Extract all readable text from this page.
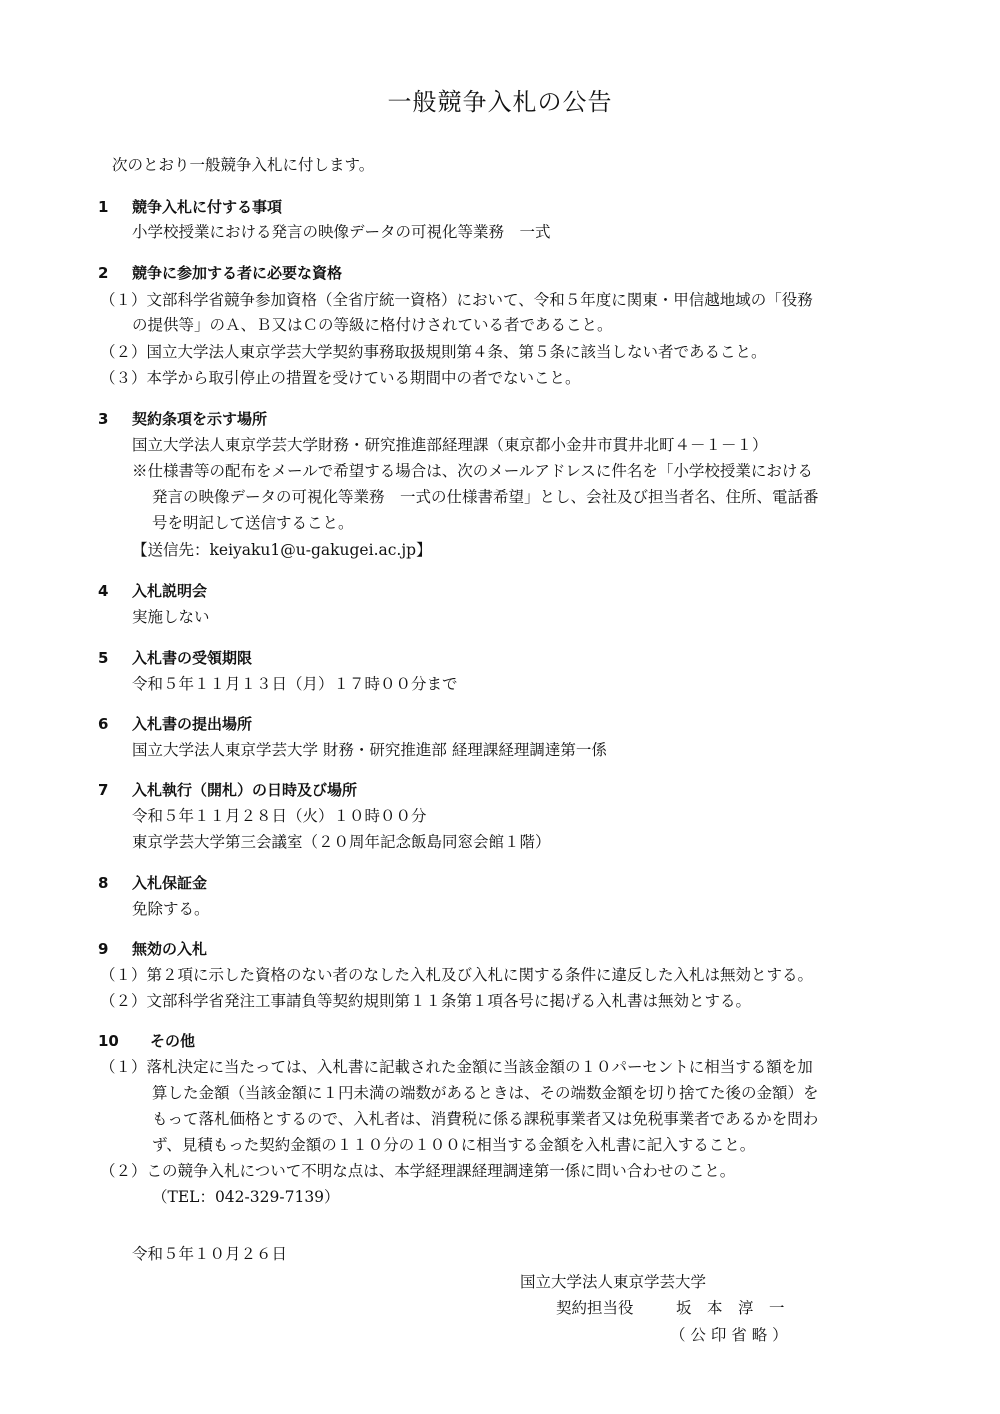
一般競争入札の公告
次のとおり一般競争入札に付します。
1 競争入札に付する事項
小学校授業における発言の映像データの可視化等業務　一式
2 競争に参加する者に必要な資格
（１）文部科学省競争参加資格（全省庁統一資格）において、令和５年度に関東・甲信越地域の「役務
の提供等」のＡ、Ｂ又はＣの等級に格付けされている者であること。
（２）国立大学法人東京学芸大学契約事務取扱規則第４条、第５条に該当しない者であること。
（３）本学から取引停止の措置を受けている期間中の者でないこと。
3 契約条項を示す場所
国立大学法人東京学芸大学財務・研究推進部経理課（東京都小金井市貫井北町４－１－１）
※仕様書等の配布をメールで希望する場合は、次のメールアドレスに件名を「小学校授業における
発言の映像データの可視化等業務　一式の仕様書希望」とし、会社及び担当者名、住所、電話番
号を明記して送信すること。
【送信先：keiyaku1@u-gakugei.ac.jp】
4 入札説明会
実施しない
5 入札書の受領期限
令和５年１１月１３日（月）１７時００分まで
6 入札書の提出場所
国立大学法人東京学芸大学 財務・研究推進部 経理課経理調達第一係
7 入札執行（開札）の日時及び場所
令和５年１１月２８日（火）１０時００分
東京学芸大学第三会議室（２０周年記念飯島同窓会館１階）
8 入札保証金
免除する。
9 無効の入札
（１）第２項に示した資格のない者のなした入札及び入札に関する条件に違反した入札は無効とする。
（２）文部科学省発注工事請負等契約規則第１１条第１項各号に掲げる入札書は無効とする。
10 その他
（１）落札決定に当たっては、入札書に記載された金額に当該金額の１０パーセントに相当する額を加
算した金額（当該金額に１円未満の端数があるときは、その端数金額を切り捨てた後の金額）を
もって落札価格とするので、入札者は、消費税に係る課税事業者又は免税事業者であるかを問わ
ず、見積もった契約金額の１１０分の１００に相当する金額を入札書に記入すること。
（２）この競争入札について不明な点は、本学経理課経理調達第一係に問い合わせのこと。
（TEL：042-329-7139）
令和５年１０月２６日
国立大学法人東京学芸大学
契約担当役	坂　本　淳　一
（ 公 印 省 略 ）
